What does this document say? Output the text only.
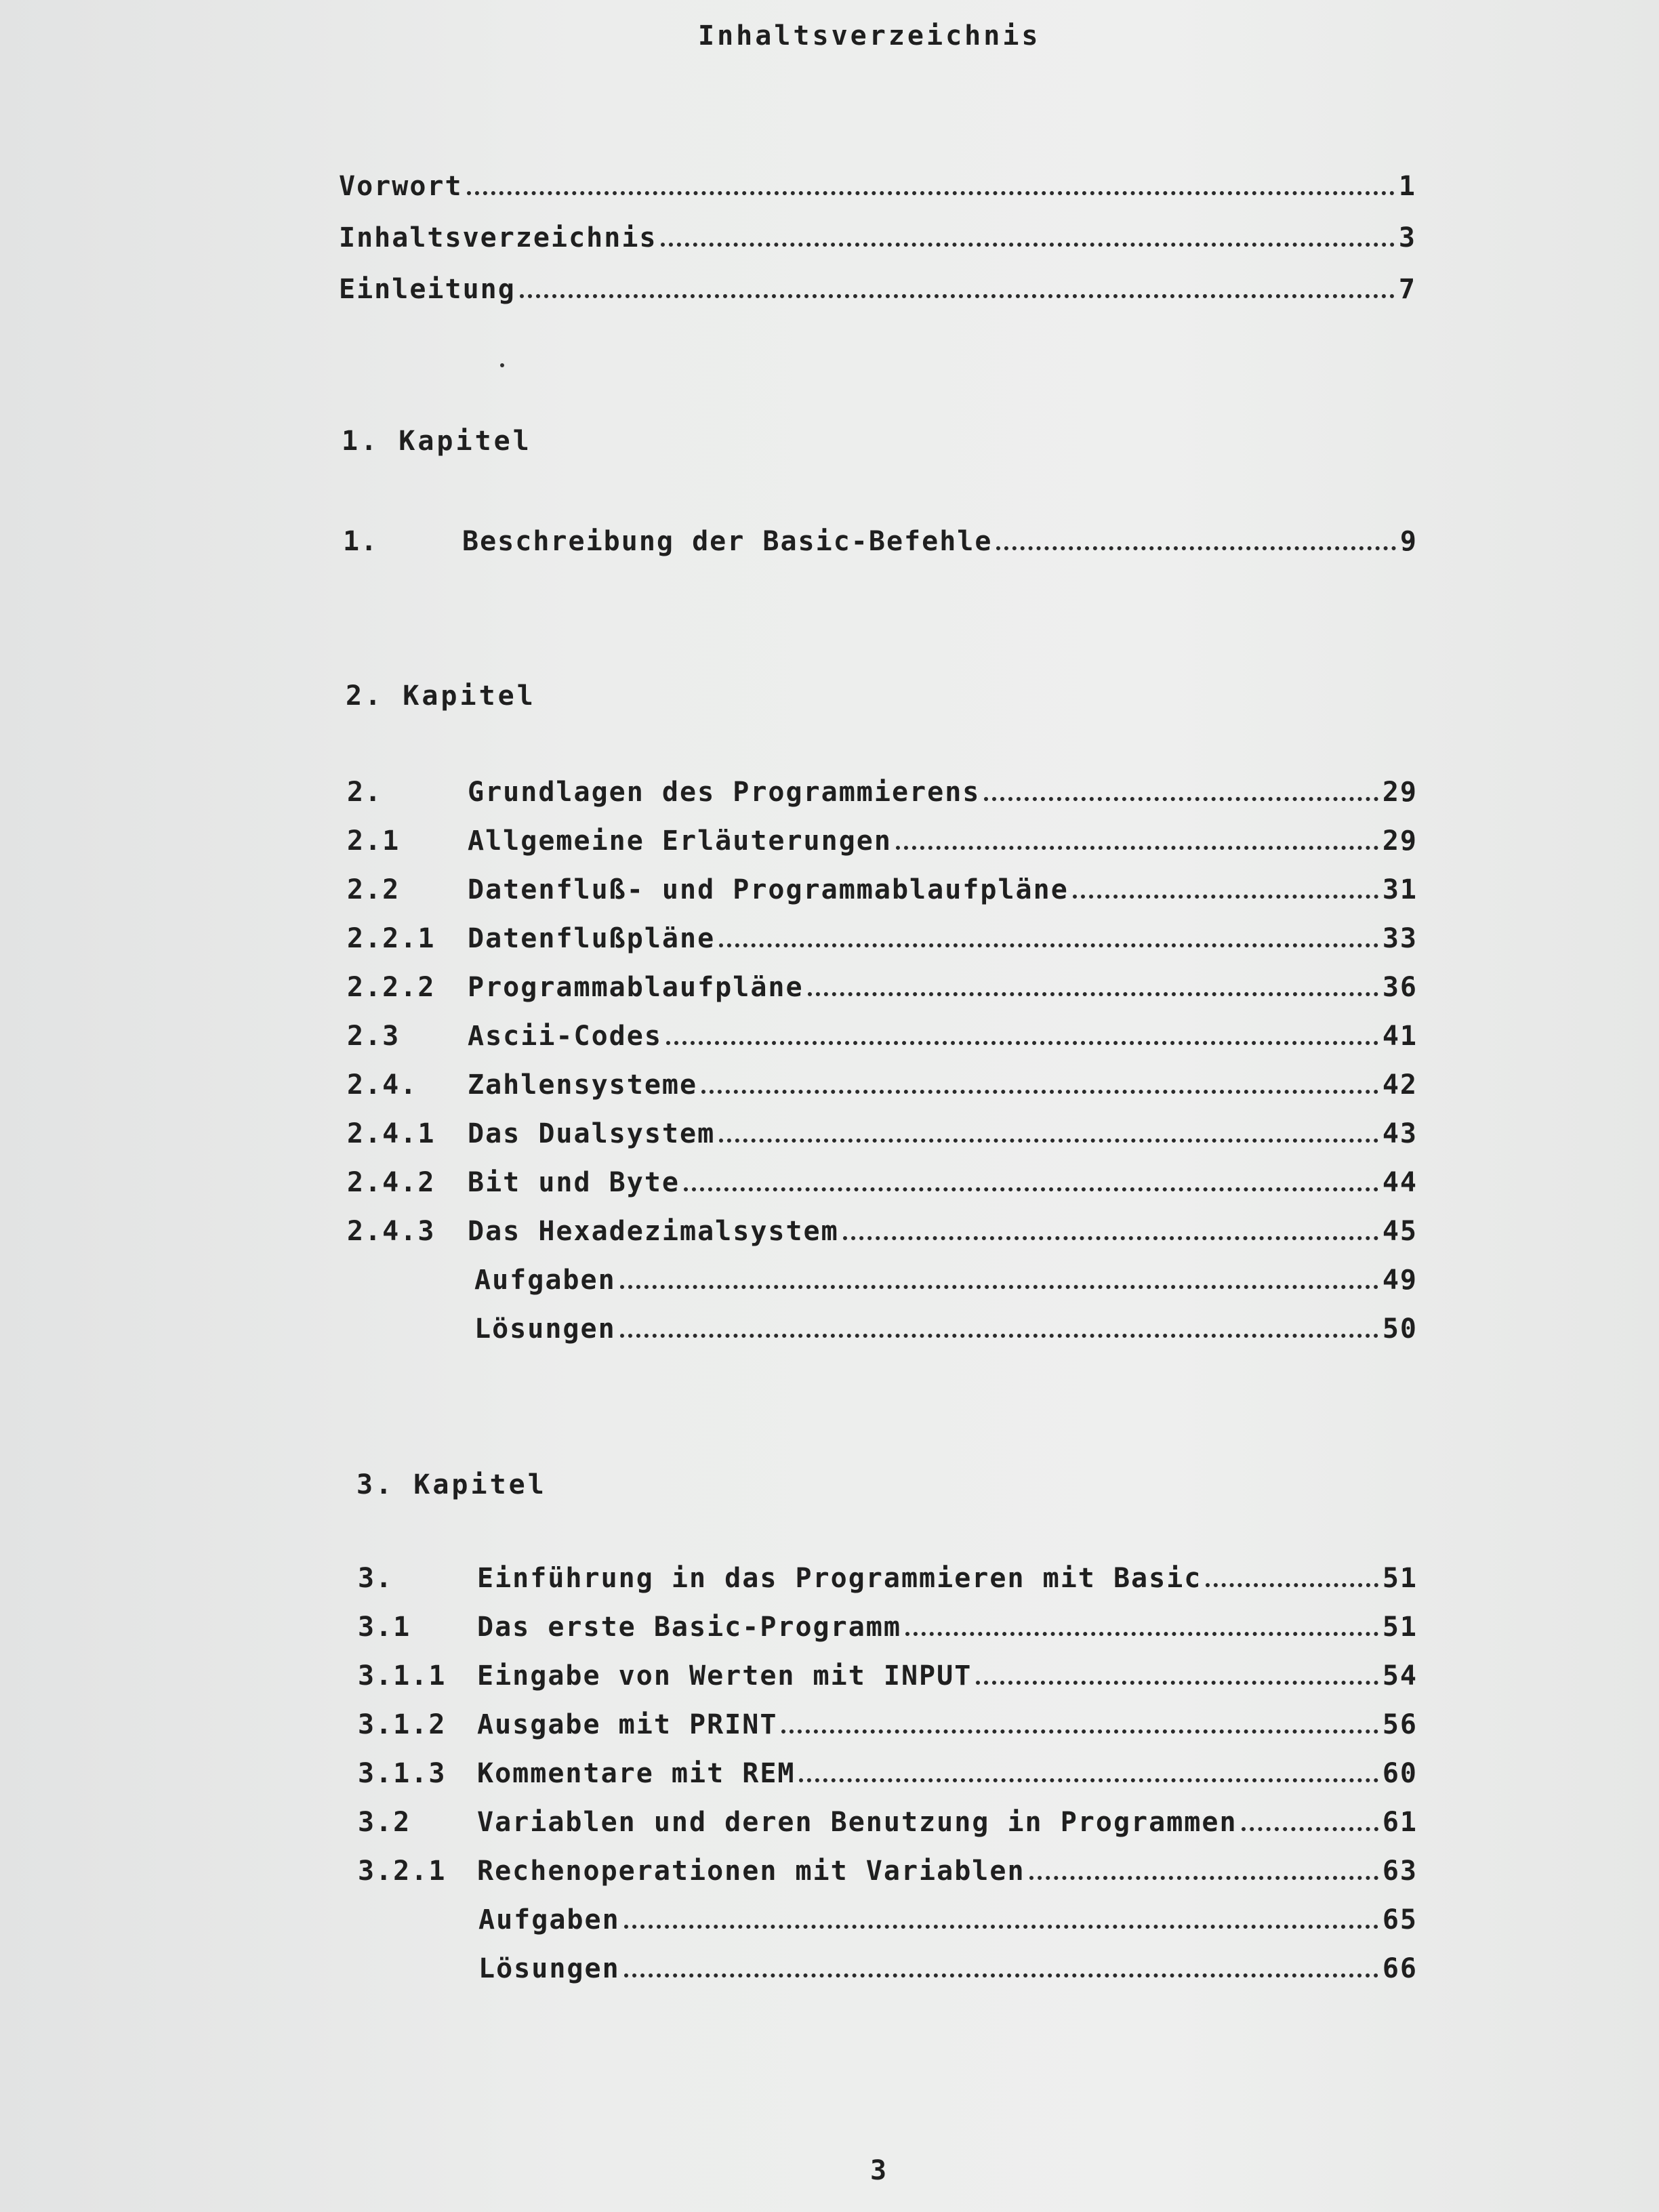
Inhaltsverzeichnis
Vorwort	1
Inhaltsverzeichnis	3
Einleitung	7
1. Kapitel
1.	Beschreibung der Basic-Befehle	9
2. Kapitel
2.	Grundlagen des Programmierens	29
2.1	Allgemeine Erläuterungen	29
2.2	Datenfluß- und Programmablaufpläne	31
2.2.1	Datenflußpläne	33
2.2.2	Programmablaufpläne	36
2.3	Ascii-Codes	41
2.4.	Zahlensysteme	42
2.4.1	Das Dualsystem	43
2.4.2	Bit und Byte	44
2.4.3	Das Hexadezimalsystem	45
Aufgaben	49
Lösungen	50
3. Kapitel
3.	Einführung in das Programmieren mit Basic	51
3.1	Das erste Basic-Programm	51
3.1.1	Eingabe von Werten mit INPUT	54
3.1.2	Ausgabe mit PRINT	56
3.1.3	Kommentare mit REM	60
3.2	Variablen und deren Benutzung in Programmen	61
3.2.1	Rechenoperationen mit Variablen	63
Aufgaben	65
Lösungen	66
3
